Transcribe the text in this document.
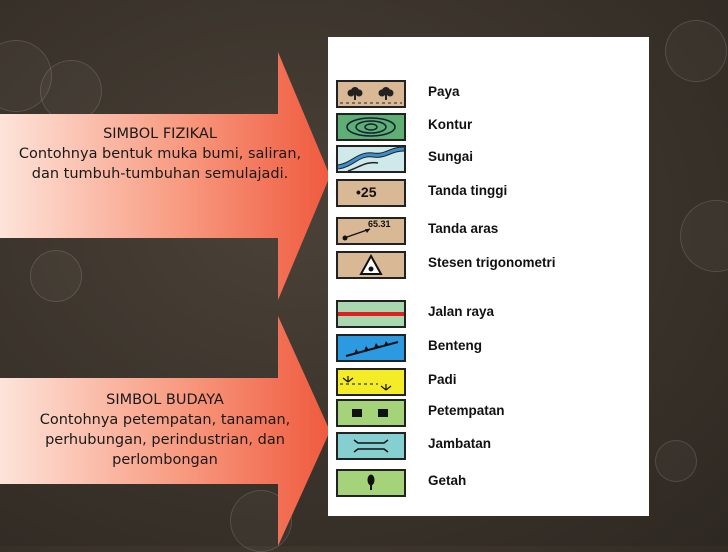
SIMBOL FIZIKAL
Contohnya bentuk muka bumi, saliran, dan tumbuh-tumbuhan semulajadi.
SIMBOL BUDAYA
Contohnya petempatan, tanaman, perhubungan, perindustrian, dan perlombongan
Paya
Kontur
Sungai
•25	Tanda tinggi
65.31	Tanda aras
Stesen trigonometri
Jalan raya
Benteng
Padi
Petempatan
Jambatan
Getah
